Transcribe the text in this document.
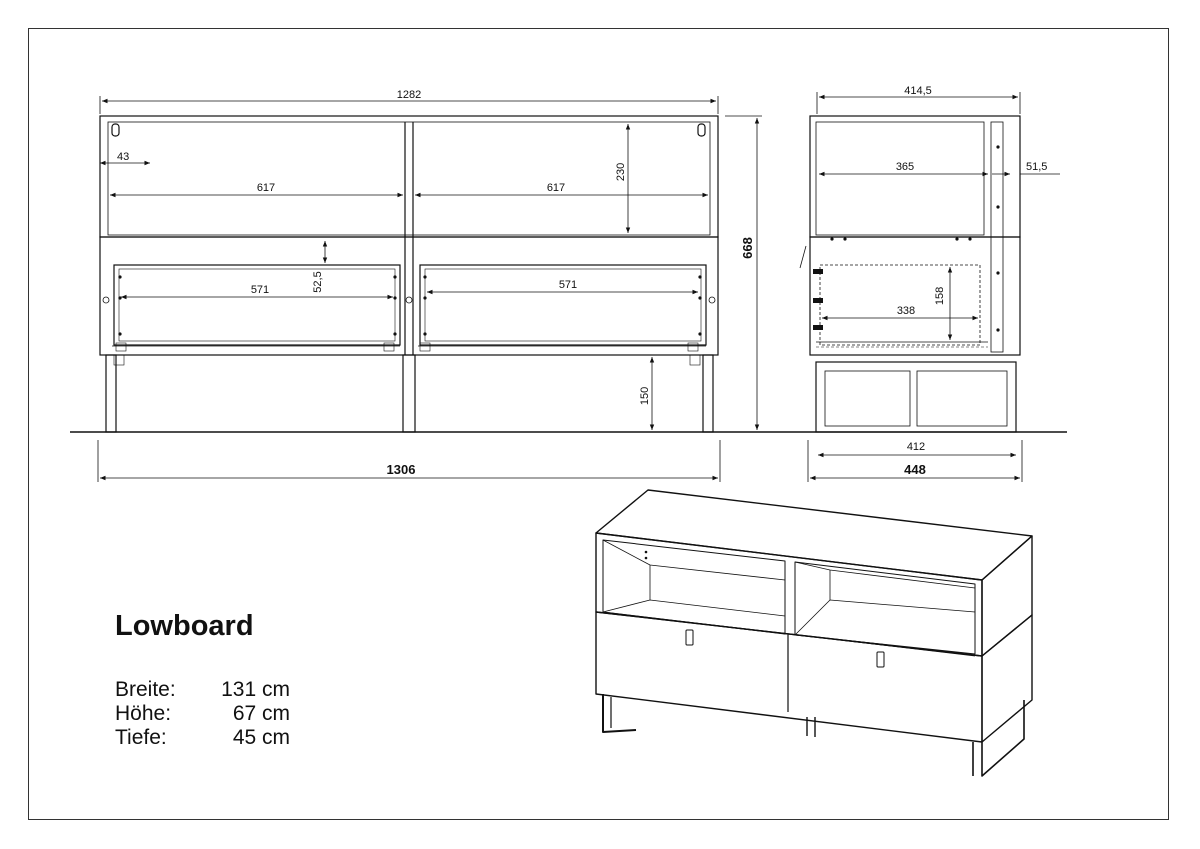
1282
43
617	617
230
668
52,5
571	571
150
1306
414,5
365	51,5
158
338
412
448
Lowboard
Breite:	131 cm
Höhe:	67 cm
Tiefe:	45 cm
